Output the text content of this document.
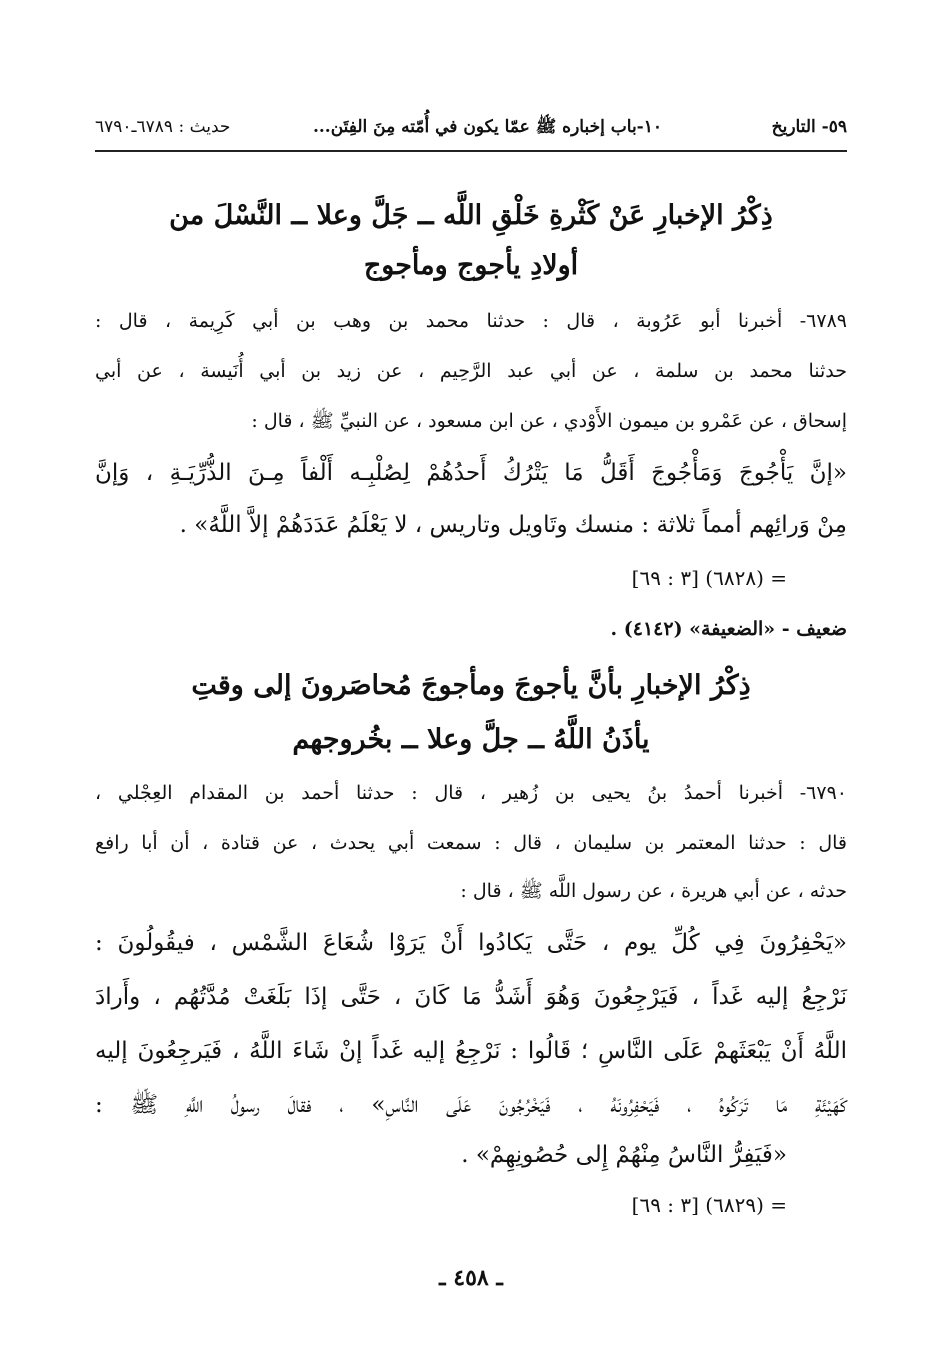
٥٩- التاريخ
١٠-باب إخباره ﷺ عمّا يكون في أُمّته مِنَ الفِتَن...
حديث : ٦٧٨٩ـ٦٧٩٠
ذِكْرُ الإخبارِ عَنْ كَثْرةِ خَلْقِ اللَّه ــ جَلَّ وعلا ــ النَّسْلَ من
أولادِ يأجوج ومأجوج
٦٧٨٩- أخبرنا أبو عَرُوبة ، قال : حدثنا محمد بن وهب بن أبي كَرِيمة ، قال :
حدثنا محمد بن سلمة ، عن أبي عبد الرَّحِيم ، عن زيد بن أبي أُنَيسة ، عن أبي
إسحاق ، عن عَمْرو بن ميمون الأَوْدي ، عن ابن مسعود ، عن النبيِّ ﷺ ، قال :
«إنَّ يَأْجُوجَ وَمَأْجُوجَ أَقَلُّ مَا يَتْرُكُ أَحدُهُمْ لِصُلْبِـه أَلْفاً مِـنَ الذُّرِّيَـةِ ، وَإنَّ
مِنْ وَرائِهم أمماً ثلاثة : منسك وتَاويل وتاريس ، لا يَعْلَمُ عَدَدَهُمْ إلاَّ اللَّهُ» .
= (٦٨٢٨) [٣ : ٦٩]
ضعيف - «الضعيفة» (٤١٤٢) .
ذِكْرُ الإخبارِ بأنَّ يأجوجَ ومأجوجَ مُحاصَرونَ إلى وقتِ
يأذَنُ اللَّهُ ــ جلَّ وعلا ــ بخُروجهم
٦٧٩٠- أخبرنا أحمدُ بنُ يحيى بن زُهير ، قال : حدثنا أحمد بن المقدام العِجْلي ،
قال : حدثنا المعتمر بن سليمان ، قال : سمعت أبي يحدث ، عن قتادة ، أن أبا رافع
حدثه ، عن أبي هريرة ، عن رسول اللَّه ﷺ ، قال :
«يَحْفِرُونَ فِي كُلِّ يوم ، حَتَّى يَكادُوا أَنْ يَرَوْا شُعَاعَ الشَّمْس ، فيقُولُونَ :
نَرْجِعُ إليه غَداً ، فَيَرْجِعُونَ وَهُوَ أَشَدُّ مَا كَانَ ، حَتَّى إذَا بَلَغَتْ مُدَّتُهُم ، وأَرادَ
اللَّهُ أَنْ يَبْعَثَهمْ عَلَى النَّاسِ ؛ قَالُوا : نَرْجِعُ إليه غَداً إنْ شَاءَ اللَّهُ ، فَيَرجِعُونَ إليه
كَهَيْئَةِ مَا تَرَكُوهُ ، فَيَحْفِرُونَهُ ، فَيَخْرُجُونَ عَلَى النَّاسِ» ، فقالَ رسولُ اللَّهِ ﷺ :
«فَيَفِرُّ النَّاسُ مِنْهُمْ إِلى حُصُونِهِمْ» .
= (٦٨٢٩) [٣ : ٦٩]
ـ ٤٥٨ ـ
